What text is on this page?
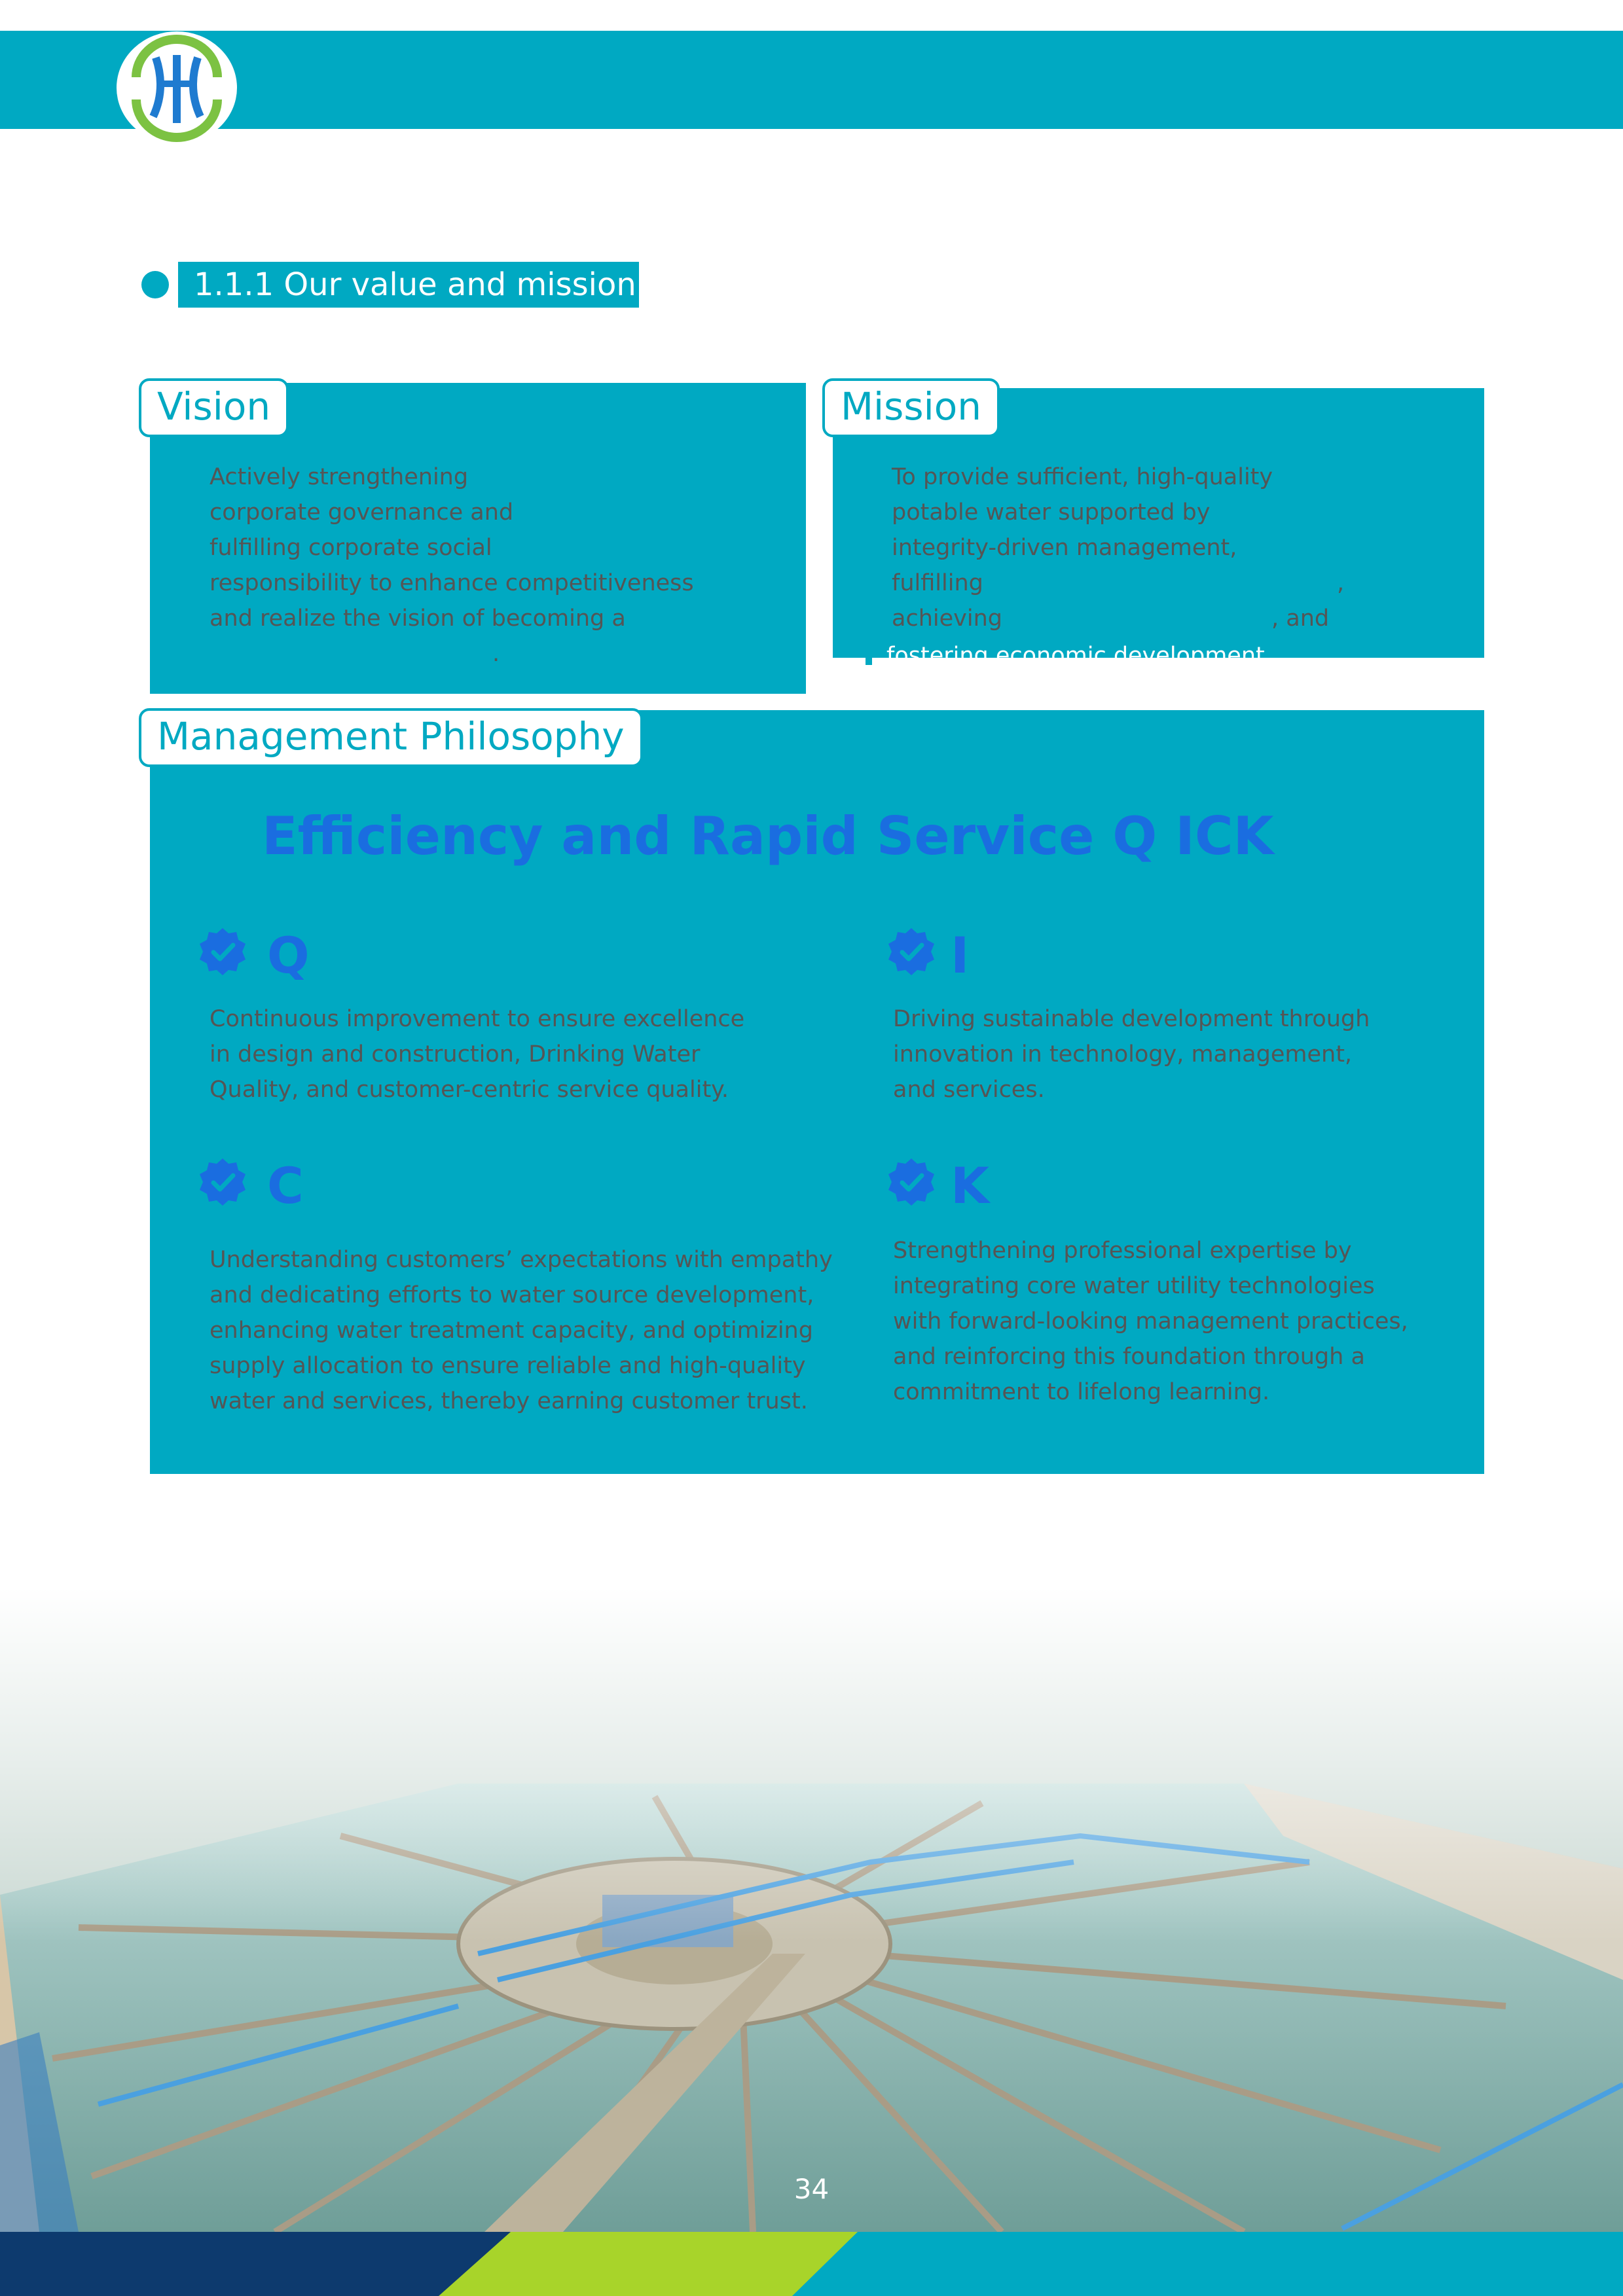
1.1.1 Our value and mission
Vision
Actively strengthening
corporate governance and
fulfilling corporate social
responsibility to enhance competitiveness
and realize the vision of becoming a
.
Mission
To provide sufficient, high-quality
potable water supported by
integrity-driven management,
fulfilling	,
achieving	, and
fostering economic development.
Management Philosophy
Efficiency and Rapid Service Q ICK
Q
Continuous improvement to ensure excellence
in design and construction, Drinking Water
Quality, and customer-centric service quality.
I
Driving sustainable development through
innovation in technology, management,
and services.
C
Understanding customers’ expectations with empathy
and dedicating efforts to water source development,
enhancing water treatment capacity, and optimizing
supply allocation to ensure reliable and high-quality
water and services, thereby earning customer trust.
K
Strengthening professional expertise by
integrating core water utility technologies
with forward-looking management practices,
and reinforcing this foundation through a
commitment to lifelong learning.
34
